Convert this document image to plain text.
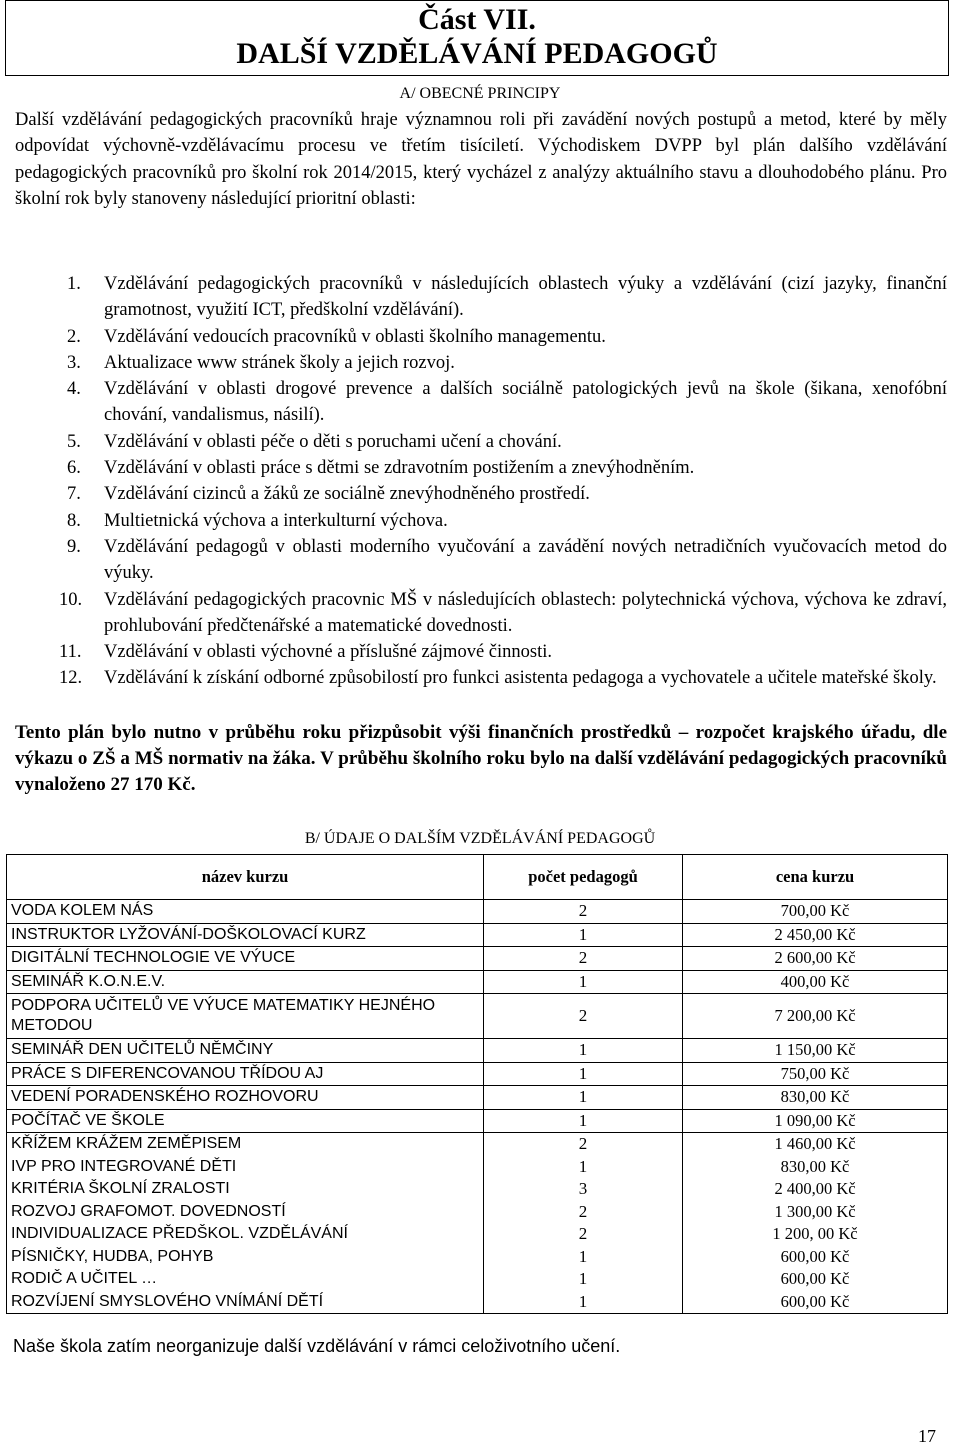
Část VII.
DALŠÍ VZDĚLÁVÁNÍ PEDAGOGŮ
A/ OBECNÉ PRINCIPY
Další vzdělávání pedagogických pracovníků hraje významnou roli při zavádění nových postupů a metod, které by měly odpovídat výchovně-vzdělávacímu procesu ve třetím tisíciletí. Východiskem DVPP byl plán dalšího vzdělávání pedagogických pracovníků pro školní rok 2014/2015, který vycházel z analýzy aktuálního stavu a dlouhodobého plánu. Pro školní rok byly stanoveny následující prioritní oblasti:
1. Vzdělávání pedagogických pracovníků v následujících oblastech výuky a vzdělávání (cizí jazyky, finanční gramotnost, využití ICT, předškolní vzdělávání).
2. Vzdělávání vedoucích pracovníků v oblasti školního managementu.
3. Aktualizace www stránek školy a jejich rozvoj.
4. Vzdělávání v oblasti drogové prevence a dalších sociálně patologických jevů na škole (šikana, xenofóbní chování, vandalismus, násilí).
5. Vzdělávání v oblasti péče o děti s poruchami učení a chování.
6. Vzdělávání v oblasti práce s dětmi se zdravotním postižením a znevýhodněním.
7. Vzdělávání cizinců a žáků ze sociálně znevýhodněného prostředí.
8. Multietnická výchova a interkulturní výchova.
9. Vzdělávání pedagogů v oblasti moderního vyučování a zavádění nových netradičních vyučovacích metod do výuky.
10. Vzdělávání pedagogických pracovnic MŠ v následujících oblastech: polytechnická výchova, výchova ke zdraví, prohlubování předčtenářské a matematické dovednosti.
11. Vzdělávání v oblasti výchovné a příslušné zájmové činnosti.
12. Vzdělávání k získání odborné způsobilostí pro funkci asistenta pedagoga a vychovatele a učitele mateřské školy.
Tento plán bylo nutno v průběhu roku přizpůsobit výši finančních prostředků – rozpočet krajského úřadu, dle výkazu o ZŠ a MŠ normativ na žáka. V průběhu školního roku bylo na další vzdělávání pedagogických pracovníků vynaloženo 27 170 Kč.
B/ ÚDAJE O DALŠÍM VZDĚLÁVÁNÍ PEDAGOGŮ
název kurzu	počet pedagogů	cena kurzu
VODA KOLEM NÁS	2	700,00 Kč
INSTRUKTOR LYŽOVÁNÍ-DOŠKOLOVACÍ KURZ	1	2 450,00 Kč
DIGITÁLNÍ TECHNOLOGIE VE VÝUCE	2	2 600,00 Kč
SEMINÁŘ K.O.N.E.V.	1	400,00 Kč
PODPORA UČITELŮ VE VÝUCE MATEMATIKY HEJNÉHO METODOU	2	7 200,00 Kč
SEMINÁŘ DEN UČITELŮ NĚMČINY	1	1 150,00 Kč
PRÁCE S DIFERENCOVANOU TŘÍDOU AJ	1	750,00 Kč
VEDENÍ PORADENSKÉHO ROZHOVORU	1	830,00 Kč
POČÍTAČ VE ŠKOLE	1	1 090,00 Kč
KŘÍŽEM KRÁŽEM ZEMĚPISEM	2	1 460,00 Kč
IVP PRO INTEGROVANÉ DĚTI	1	830,00 Kč
KRITÉRIA ŠKOLNÍ ZRALOSTI	3	2 400,00 Kč
ROZVOJ GRAFOMOT. DOVEDNOSTÍ	2	1 300,00 Kč
INDIVIDUALIZACE PŘEDŠKOL. VZDĚLÁVÁNÍ	2	1 200, 00 Kč
PÍSNIČKY, HUDBA, POHYB	1	600,00 Kč
RODIČ A UČITEL …	1	600,00 Kč
ROZVÍJENÍ SMYSLOVÉHO VNÍMÁNÍ DĚTÍ	1	600,00 Kč
Naše škola zatím neorganizuje další vzdělávání v rámci celoživotního učení.
17
